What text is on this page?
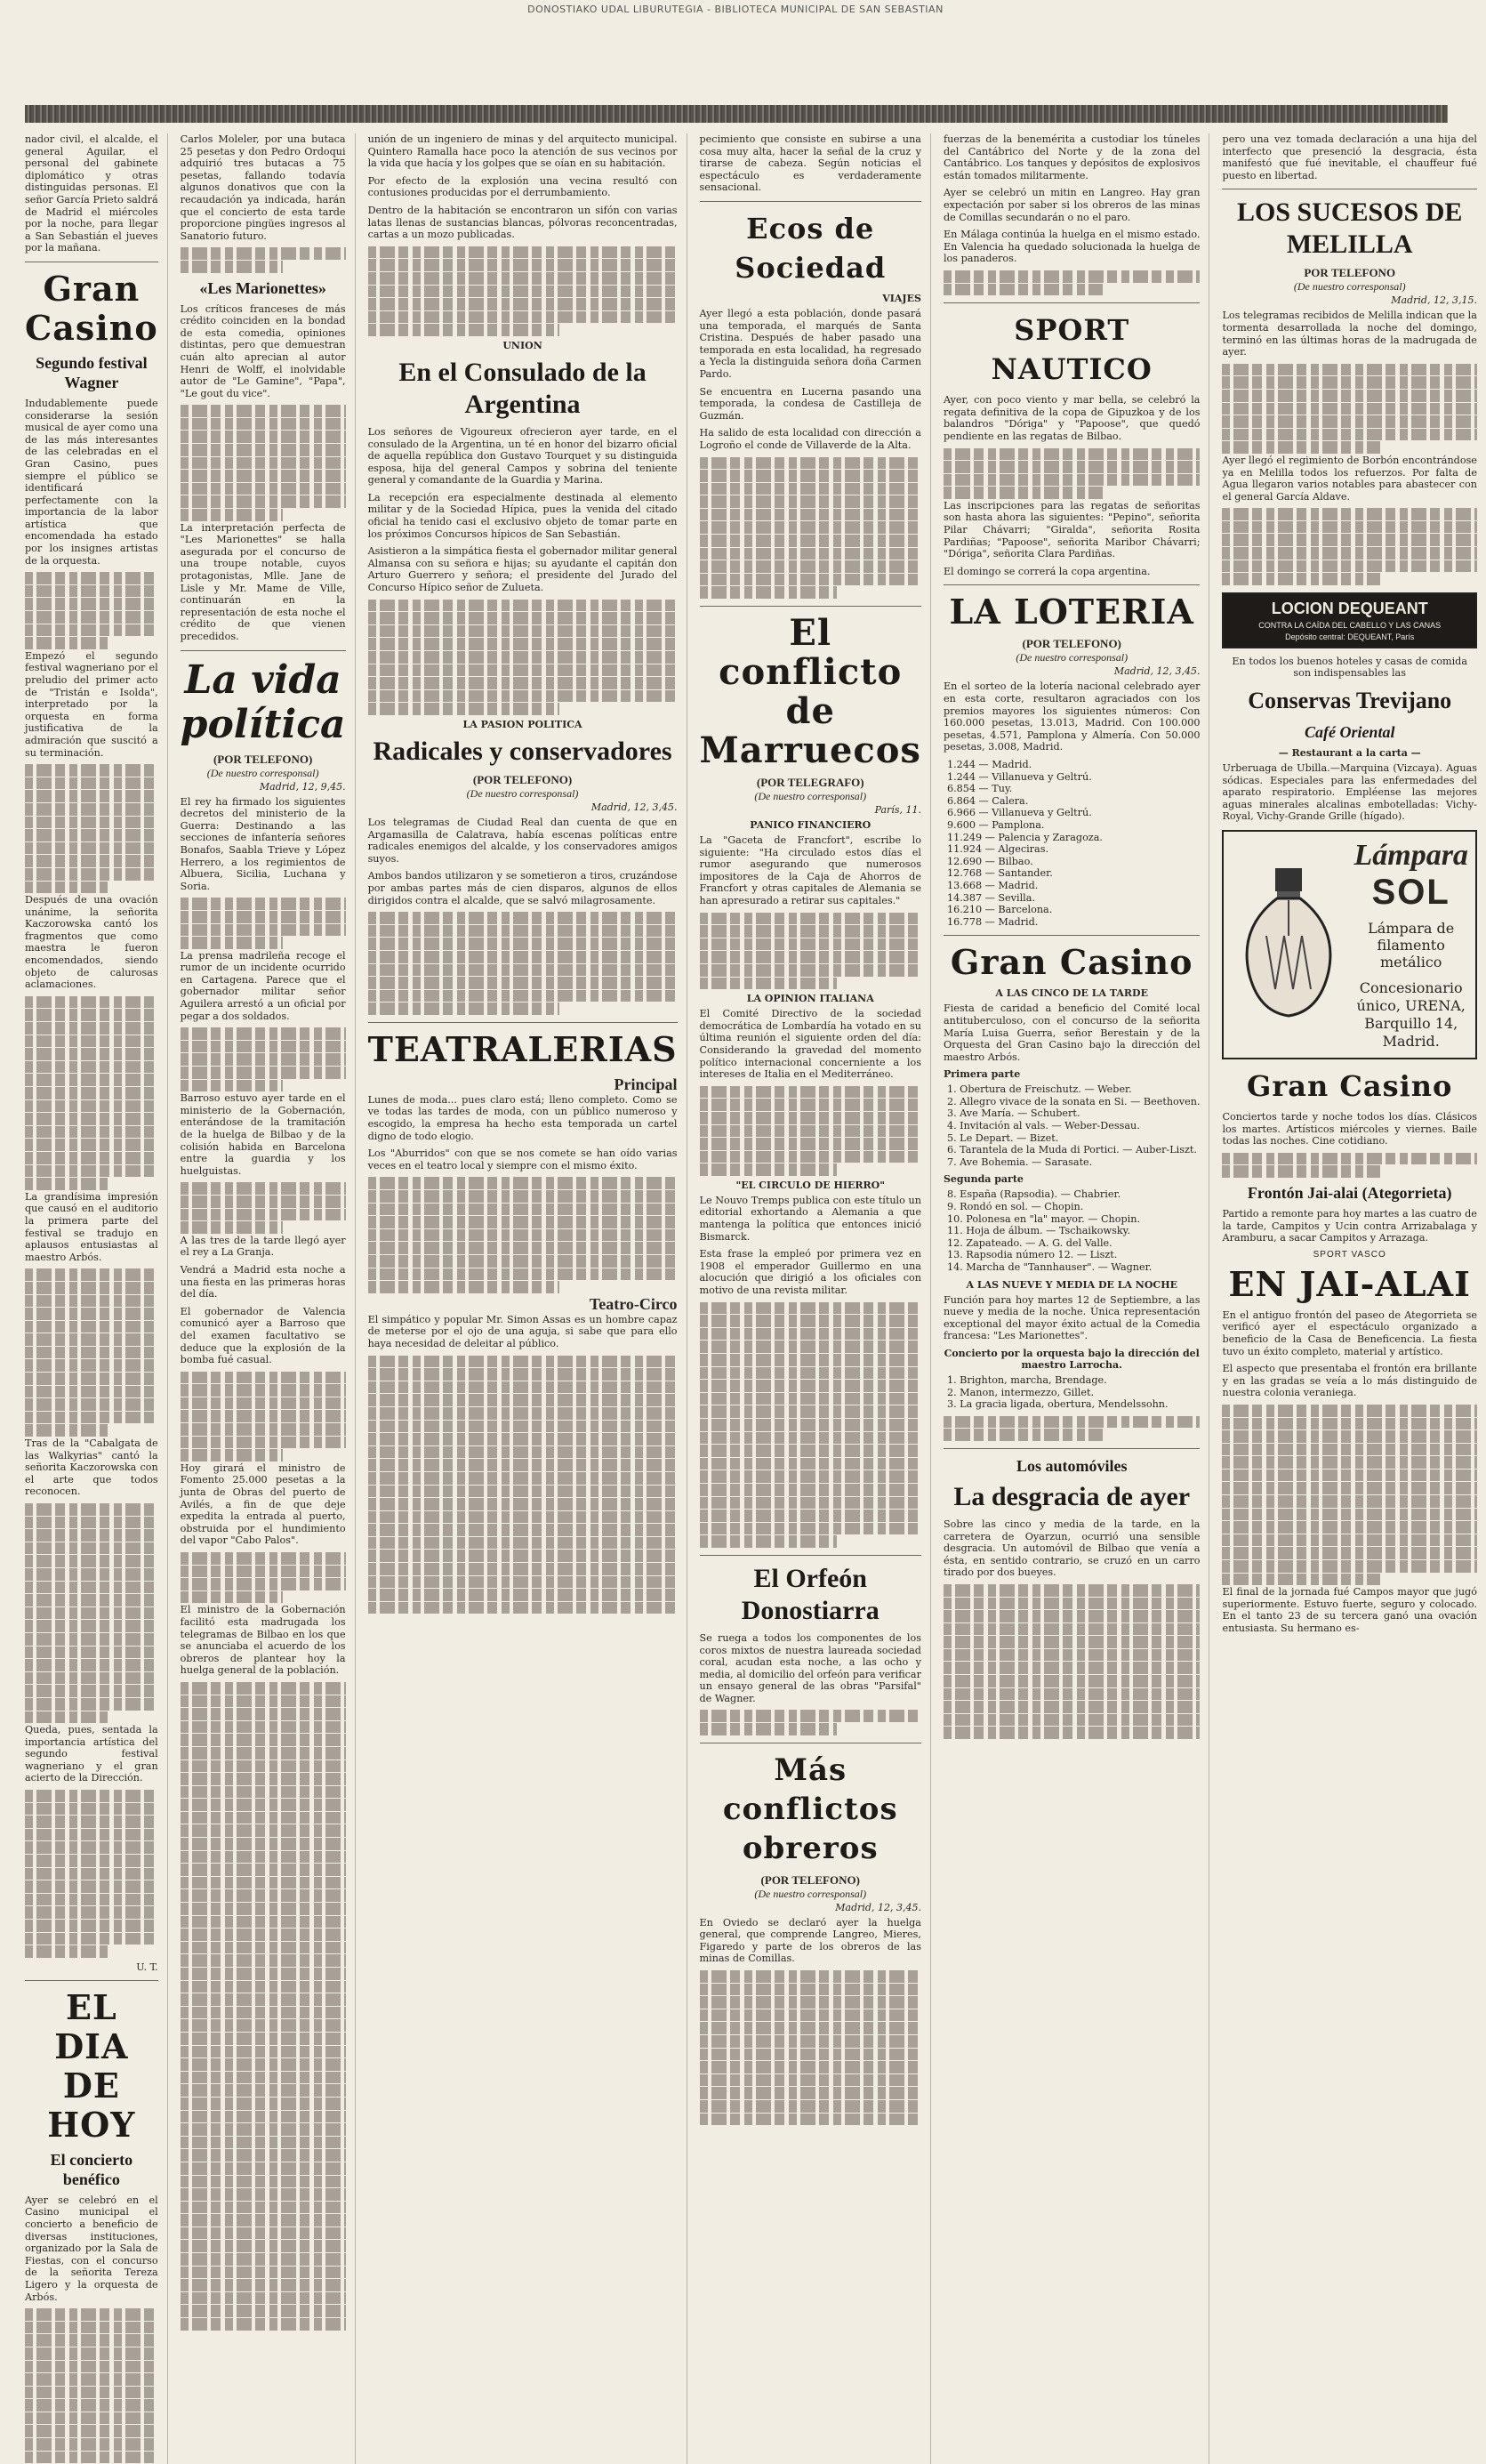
DONOSTIAKO UDAL LIBURUTEGIA - BIBLIOTECA MUNICIPAL DE SAN SEBASTIAN

nador civil, el alcalde, el general Aguilar, el personal del gabinete diplomático y otras distinguidas personas. El señor García Prieto saldrá de Madrid el miércoles por la noche, para llegar a San Sebastián el jueves por la mañana.

Gran Casino
Segundo festival Wagner

Indudablemente puede considerarse la sesión musical de ayer como una de las más interesantes de las celebradas en el Gran Casino, pues siempre el público se identificará perfectamente con la importancia de la labor artística que encomendada ha estado por los insignes artistas de la orquesta.

Empezó el segundo festival wagneriano por el preludio del primer acto de "Tristán e Isolda", interpretado por la orquesta en forma justificativa de la admiración que suscitó a su terminación.

Después de una ovación unánime, la señorita Kaczorowska cantó los fragmentos que como maestra le fueron encomendados, siendo objeto de calurosas aclamaciones.

La grandísima impresión que causó en el auditorio la primera parte del festival se tradujo en aplausos entusiastas al maestro Arbós.

Tras de la "Cabalgata de las Walkyrias" cantó la señorita Kaczorowska con el arte que todos reconocen.

Queda, pues, sentada la importancia artística del segundo festival wagneriano y el gran acierto de la Dirección.

U. T.
EL DIA DE HOY
El concierto benéfico

Ayer se celebró en el Casino municipal el concierto a beneficio de diversas instituciones, organizado por la Sala de Fiestas, con el concurso de la señorita Tereza Ligero y la orquesta de Arbós.

Carlos Moleler, por una butaca 25 pesetas y don Pedro Ordoqui adquirió tres butacas a 75 pesetas, fallando todavía algunos donativos que con la recaudación ya indicada, harán que el concierto de esta tarde proporcione pingües ingresos al Sanatorio futuro.

«Les Marionettes»

Los críticos franceses de más crédito coinciden en la bondad de esta comedia, opiniones distintas, pero que demuestran cuán alto aprecian al autor Henri de Wolff, el inolvidable autor de "Le Gamine", "Papa", "Le gout du vice".

La interpretación perfecta de "Les Marionettes" se halla asegurada por el concurso de una troupe notable, cuyos protagonistas, Mlle. Jane de Lisle y Mr. Mame de Ville, continuarán en la representación de esta noche el crédito de que vienen precedidos.

La vida política
(POR TELEFONO)
(De nuestro corresponsal)
Madrid, 12, 9,45.

El rey ha firmado los siguientes decretos del ministerio de la Guerra: Destinando a las secciones de infantería señores Bonafos, Saabla Trieve y López Herrero, a los regimientos de Albuera, Sicilia, Luchana y Soria.

La prensa madrileña recoge el rumor de un incidente ocurrido en Cartagena. Parece que el gobernador militar señor Aguilera arrestó a un oficial por pegar a dos soldados.

Barroso estuvo ayer tarde en el ministerio de la Gobernación, enterándose de la tramitación de la huelga de Bilbao y de la colisión habida en Barcelona entre la guardia y los huelguistas.

A las tres de la tarde llegó ayer el rey a La Granja.

Vendrá a Madrid esta noche a una fiesta en las primeras horas del día.

El gobernador de Valencia comunicó ayer a Barroso que del examen facultativo se deduce que la explosión de la bomba fué casual.

Hoy girará el ministro de Fomento 25.000 pesetas a la junta de Obras del puerto de Avilés, a fin de que deje expedita la entrada al puerto, obstruida por el hundimiento del vapor "Cabo Palos".

El ministro de la Gobernación facilitó esta madrugada los telegramas de Bilbao en los que se anunciaba el acuerdo de los obreros de plantear hoy la huelga general de la población.

unión de un ingeniero de minas y del arquitecto municipal. Quintero Ramalla hace poco la atención de sus vecinos por la vida que hacía y los golpes que se oían en su habitación.

Por efecto de la explosión una vecina resultó con contusiones producidas por el derrumbamiento.

Dentro de la habitación se encontraron un sifón con varias latas llenas de sustancias blancas, pólvoras reconcentradas, cartas a un mozo publicadas.

UNION
En el Consulado de la Argentina

Los señores de Vigoureux ofrecieron ayer tarde, en el consulado de la Argentina, un té en honor del bizarro oficial de aquella república don Gustavo Tourquet y su distinguida esposa, hija del general Campos y sobrina del teniente general y comandante de la Guardia y Marina.

La recepción era especialmente destinada al elemento militar y de la Sociedad Hípica, pues la venida del citado oficial ha tenido casi el exclusivo objeto de tomar parte en los próximos Concursos hípicos de San Sebastián.

Asistieron a la simpática fiesta el gobernador militar general Almansa con su señora e hijas; su ayudante el capitán don Arturo Guerrero y señora; el presidente del Jurado del Concurso Hípico señor de Zulueta.

LA PASION POLITICA
Radicales y conservadores
(POR TELEFONO)
(De nuestro corresponsal)
Madrid, 12, 3,45.

Los telegramas de Ciudad Real dan cuenta de que en Argamasilla de Calatrava, había escenas políticas entre radicales enemigos del alcalde, y los conservadores amigos suyos.

Ambos bandos utilizaron y se sometieron a tiros, cruzándose por ambas partes más de cien disparos, algunos de ellos dirigidos contra el alcalde, que se salvó milagrosamente.

TEATRALERIAS
Principal

Lunes de moda... pues claro está; lleno completo. Como se ve todas las tardes de moda, con un público numeroso y escogido, la empresa ha hecho esta temporada un cartel digno de todo elogio.

Los "Aburridos" con que se nos comete se han oído varias veces en el teatro local y siempre con el mismo éxito.

Teatro-Circo

El simpático y popular Mr. Simon Assas es un hombre capaz de meterse por el ojo de una aguja, si sabe que para ello haya necesidad de deleitar al público.

pecimiento que consiste en subirse a una cosa muy alta, hacer la señal de la cruz y tirarse de cabeza. Según noticias el espectáculo es verdaderamente sensacional.

Ecos de Sociedad
VIAJES

Ayer llegó a esta población, donde pasará una temporada, el marqués de Santa Cristina. Después de haber pasado una temporada en esta localidad, ha regresado a Yecla la distinguida señora doña Carmen Pardo.

Se encuentra en Lucerna pasando una temporada, la condesa de Castilleja de Guzmán.

Ha salido de esta localidad con dirección a Logroño el conde de Villaverde de la Alta.

El conflicto de Marruecos
(POR TELEGRAFO)
(De nuestro corresponsal)
París, 11.
PANICO FINANCIERO

La "Gaceta de Francfort", escribe lo siguiente: "Ha circulado estos días el rumor asegurando que numerosos impositores de la Caja de Ahorros de Francfort y otras capitales de Alemania se han apresurado a retirar sus capitales."

LA OPINION ITALIANA

El Comité Directivo de la sociedad democrática de Lombardía ha votado en su última reunión el siguiente orden del día: Considerando la gravedad del momento político internacional concerniente a los intereses de Italia en el Mediterráneo.

"EL CIRCULO DE HIERRO"

Le Nouvo Tremps publica con este título un editorial exhortando a Alemania a que mantenga la política que entonces inició Bismarck.

Esta frase la empleó por primera vez en 1908 el emperador Guillermo en una alocución que dirigió a los oficiales con motivo de una revista militar.

El Orfeón Donostiarra

Se ruega a todos los componentes de los coros mixtos de nuestra laureada sociedad coral, acudan esta noche, a las ocho y media, al domicilio del orfeón para verificar un ensayo general de las obras "Parsifal" de Wagner.

Más conflictos obreros
(POR TELEFONO)
(De nuestro corresponsal)
Madrid, 12, 3,45.

En Oviedo se declaró ayer la huelga general, que comprende Langreo, Mieres, Figaredo y parte de los obreros de las minas de Comillas.

fuerzas de la benemérita a custodiar los túneles del Cantábrico del Norte y de la zona del Cantábrico. Los tanques y depósitos de explosivos están tomados militarmente.

Ayer se celebró un mitin en Langreo. Hay gran expectación por saber si los obreros de las minas de Comillas secundarán o no el paro.

En Málaga continúa la huelga en el mismo estado. En Valencia ha quedado solucionada la huelga de los panaderos.

SPORT NAUTICO

Ayer, con poco viento y mar bella, se celebró la regata definitiva de la copa de Gipuzkoa y de los balandros "Dóriga" y "Papoose", que quedó pendiente en las regatas de Bilbao.

Las inscripciones para las regatas de señoritas son hasta ahora las siguientes: "Pepino", señorita Pilar Chávarri; "Giralda", señorita Rosita Pardiñas; "Papoose", señorita Maribor Chávarri; "Dóriga", señorita Clara Pardiñas.

El domingo se correrá la copa argentina.

LA LOTERIA
(POR TELEFONO)
(De nuestro corresponsal)
Madrid, 12, 3,45.

En el sorteo de la lotería nacional celebrado ayer en esta corte, resultaron agraciados con los premios mayores los siguientes números: Con 160.000 pesetas, 13.013, Madrid. Con 100.000 pesetas, 4.571, Pamplona y Almería. Con 50.000 pesetas, 3.008, Madrid.

1.244 — Madrid.
1.244 — Villanueva y Geltrú.
6.854 — Tuy.
6.864 — Calera.
6.966 — Villanueva y Geltrú.
9.600 — Pamplona.
11.249 — Palencia y Zaragoza.
11.924 — Algeciras.
12.690 — Bilbao.
12.768 — Santander.
13.668 — Madrid.
14.387 — Sevilla.
16.210 — Barcelona.
16.778 — Madrid.
Gran Casino
A LAS CINCO DE LA TARDE

Fiesta de caridad a beneficio del Comité local antituberculoso, con el concurso de la señorita María Luisa Guerra, señor Berestain y de la Orquesta del Gran Casino bajo la dirección del maestro Arbós.

Primera parte
1. Obertura de Freischutz. — Weber.
2. Allegro vivace de la sonata en Si. — Beethoven.
3. Ave María. — Schubert.
4. Invitación al vals. — Weber-Dessau.
5. Le Depart. — Bizet.
6. Tarantela de la Muda di Portici. — Auber-Liszt.
7. Ave Bohemia. — Sarasate.
Segunda parte
8. España (Rapsodia). — Chabrier.
9. Rondó en sol. — Chopin.
10. Polonesa en "la" mayor. — Chopin.
11. Hoja de álbum. — Tschaikowsky.
12. Zapateado. — A. G. del Valle.
13. Rapsodia número 12. — Liszt.
14. Marcha de "Tannhauser". — Wagner.
A LAS NUEVE Y MEDIA DE LA NOCHE

Función para hoy martes 12 de Septiembre, a las nueve y media de la noche. Única representación exceptional del mayor éxito actual de la Comedia francesa: "Les Marionettes".

Concierto por la orquesta bajo la dirección del maestro Larrocha.
1. Brighton, marcha, Brendage.
2. Manon, intermezzo, Gillet.
3. La gracia ligada, obertura, Mendelssohn.
Los automóviles
La desgracia de ayer

Sobre las cinco y media de la tarde, en la carretera de Oyarzun, ocurrió una sensible desgracia. Un automóvil de Bilbao que venía a ésta, en sentido contrario, se cruzó en un carro tirado por dos bueyes.

pero una vez tomada declaración a una hija del interfecto que presenció la desgracia, ésta manifestó que fué inevitable, el chauffeur fué puesto en libertad.

LOS SUCESOS DE MELILLA
POR TELEFONO
(De nuestro corresponsal)
Madrid, 12, 3,15.

Los telegramas recibidos de Melilla indican que la tormenta desarrollada la noche del domingo, terminó en las últimas horas de la madrugada de ayer.

Ayer llegó el regimiento de Borbón encontrándose ya en Melilla todos los refuerzos. Por falta de Agua llegaron varios notables para abastecer con el general García Aldave.

LOCION DEQUEANT
CONTRA LA CAÍDA DEL CABELLO Y LAS CANAS
Depósito central: DEQUEANT, París

En todos los buenos hoteles y casas de comida son indispensables las

Conservas Trevijano
Café Oriental
— Restaurant a la carta —

Urberuaga de Ubilla.—Marquina (Vizcaya). Aguas sódicas. Especiales para las enfermedades del aparato respiratorio. Empléense las mejores aguas minerales alcalinas embotelladas: Vichy-Royal, Vichy-Grande Grille (hígado).

Lámpara
SOL
Lámpara de filamento metálico
Concesionario único, URENA, Barquillo 14, Madrid.
Gran Casino

Conciertos tarde y noche todos los días. Clásicos los martes. Artísticos miércoles y viernes. Baile todas las noches. Cine cotidiano.

Frontón Jai-alai (Ategorrieta)

Partido a remonte para hoy martes a las cuatro de la tarde, Campitos y Ucin contra Arrizabalaga y Aramburu, a sacar Campitos y Arrazaga.

SPORT VASCO
EN JAI-ALAI

En el antiguo frontón del paseo de Ategorrieta se verificó ayer el espectáculo organizado a beneficio de la Casa de Beneficencia. La fiesta tuvo un éxito completo, material y artístico.

El aspecto que presentaba el frontón era brillante y en las gradas se veía a lo más distinguido de nuestra colonia veraniega.

El final de la jornada fué Campos mayor que jugó superiormente. Estuvo fuerte, seguro y colocado. En el tanto 23 de su tercera ganó una ovación entusiasta. Su hermano es-
